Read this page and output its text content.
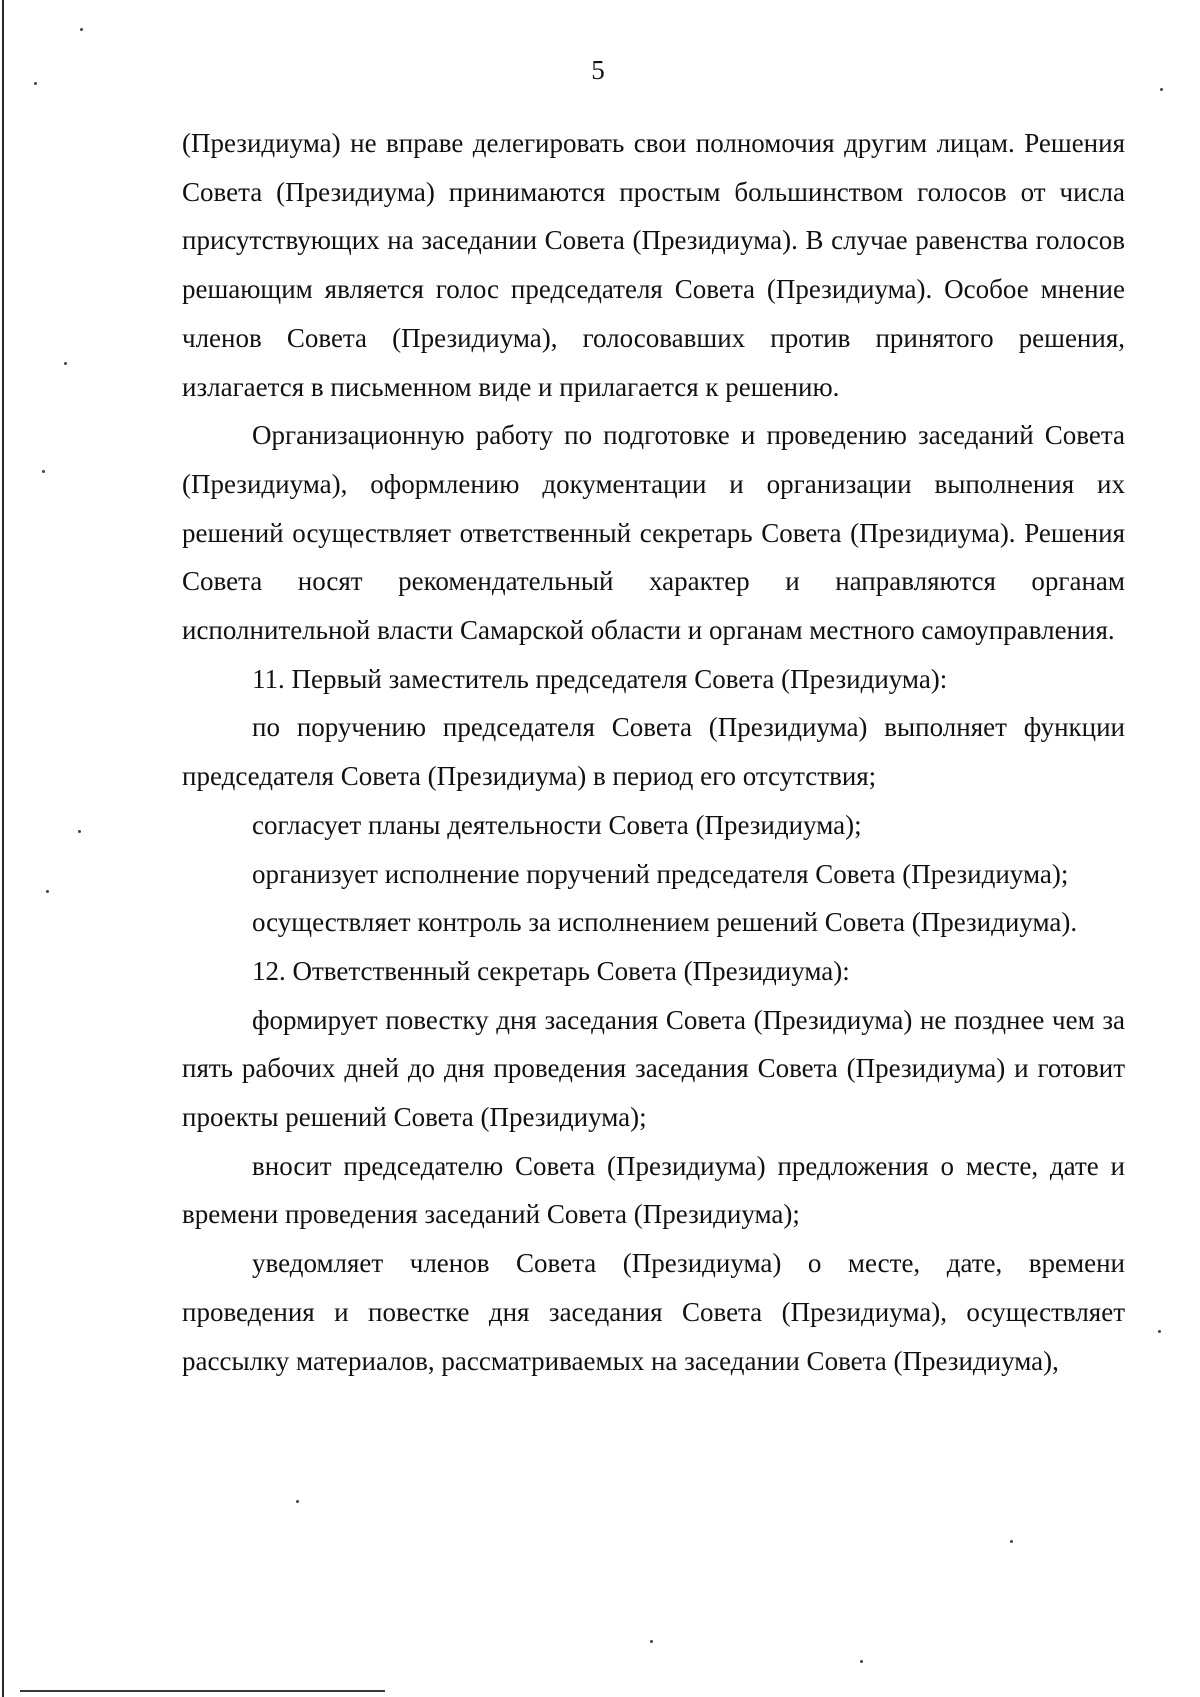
5

(Президиума) не вправе делегировать свои полномочия другим лицам. Решения Совета (Президиума) принимаются простым большинством голосов от числа присутствующих на заседании Совета (Президиума). В случае равенства голосов решающим является голос председателя Совета (Президиума). Особое мнение членов Совета (Президиума), голосовавших против принятого решения, излагается в письменном виде и прилагается к решению.

Организационную работу по подготовке и проведению заседаний Совета (Президиума), оформлению документации и организации выполнения их решений осуществляет ответственный секретарь Совета (Президиума). Решения Совета носят рекомендательный характер и направляются органам исполнительной власти Самарской области и органам местного самоуправления.

11. Первый заместитель председателя Совета (Президиума):

по поручению председателя Совета (Президиума) выполняет функции председателя Совета (Президиума) в период его отсутствия;

согласует планы деятельности Совета (Президиума);

организует исполнение поручений председателя Совета (Президиума);

осуществляет контроль за исполнением решений Совета (Президиума).

12. Ответственный секретарь Совета (Президиума):

формирует повестку дня заседания Совета (Президиума) не позднее чем за пять рабочих дней до дня проведения заседания Совета (Президиума) и готовит проекты решений Совета (Президиума);

вносит председателю Совета (Президиума) предложения о месте, дате и времени проведения заседаний Совета (Президиума);

уведомляет членов Совета (Президиума) о месте, дате, времени проведения и повестке дня заседания Совета (Президиума), осуществляет рассылку материалов, рассматриваемых на заседании Совета (Президиума),
